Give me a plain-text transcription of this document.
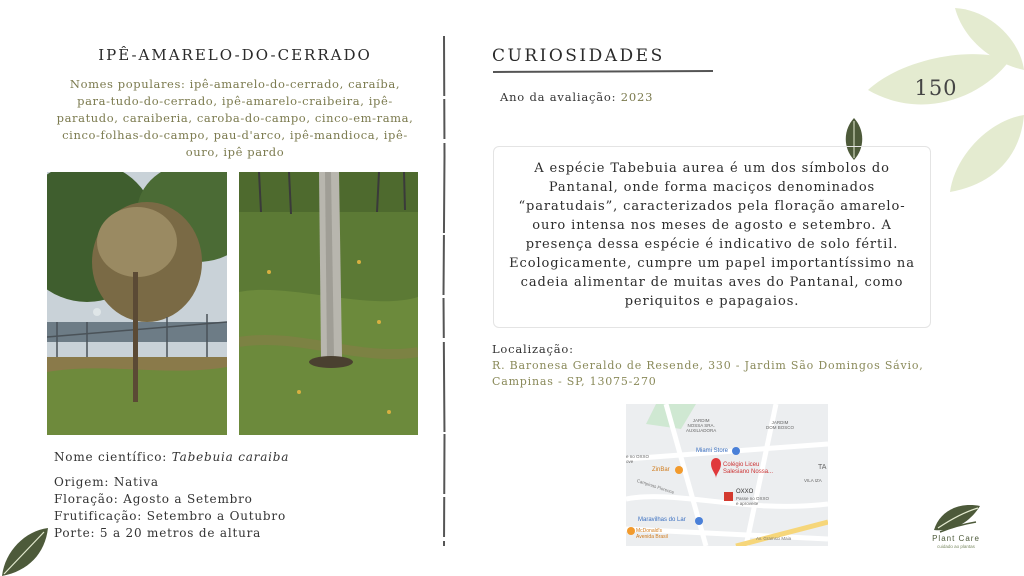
150
IPÊ-AMARELO-DO-CERRADO
Nomes populares: ipê-amarelo-do-cerrado, caraíba,
para-tudo-do-cerrado, ipê-amarelo-craibeira, ipê-
paratudo, caraiberia, caroba-do-campo, cinco-em-rama,
cinco-folhas-do-campo, pau-d'arco, ipê-mandioca, ipê-
ouro, ipê pardo
Nome científico: Tabebuia caraiba
Origem: Nativa
Floração: Agosto a Setembro
Frutificação: Setembro a Outubro
Porte: 5 a 20 metros de altura
CURIOSIDADES
Ano da avaliação: 2023

A espécie Tabebuia aurea é um dos símbolos do Pantanal, onde forma maciços denominados “paratudais”, caracterizados pela floração amarelo-ouro intensa nos meses de agosto e setembro. A presença dessa espécie é indicativo de solo fértil. Ecologicamente, cumpre um papel importantíssimo na cadeia alimentar de muitas aves do Pantanal, como periquitos e papagaios.

Localização:
R. Baronesa Geraldo de Resende, 330 - Jardim São Domingos Sávio,
Campinas - SP, 13075-270
JARDIM
NOSSA SRA.
AUXILIADORA
JARDIM
DOM BOSCO
Miami Store
ZinBar
Colégio Liceu
Salesiano Nossa...
OXXO
Passe no OXXO
e aproveite
Maravilhas do Lar
McDonald's
Avenida Brasil
VILA IZA
TA
e no OXXO
ove
Campinas Florence
Av. Gramsci Maia	Plant Care
cuidado ao plantas
